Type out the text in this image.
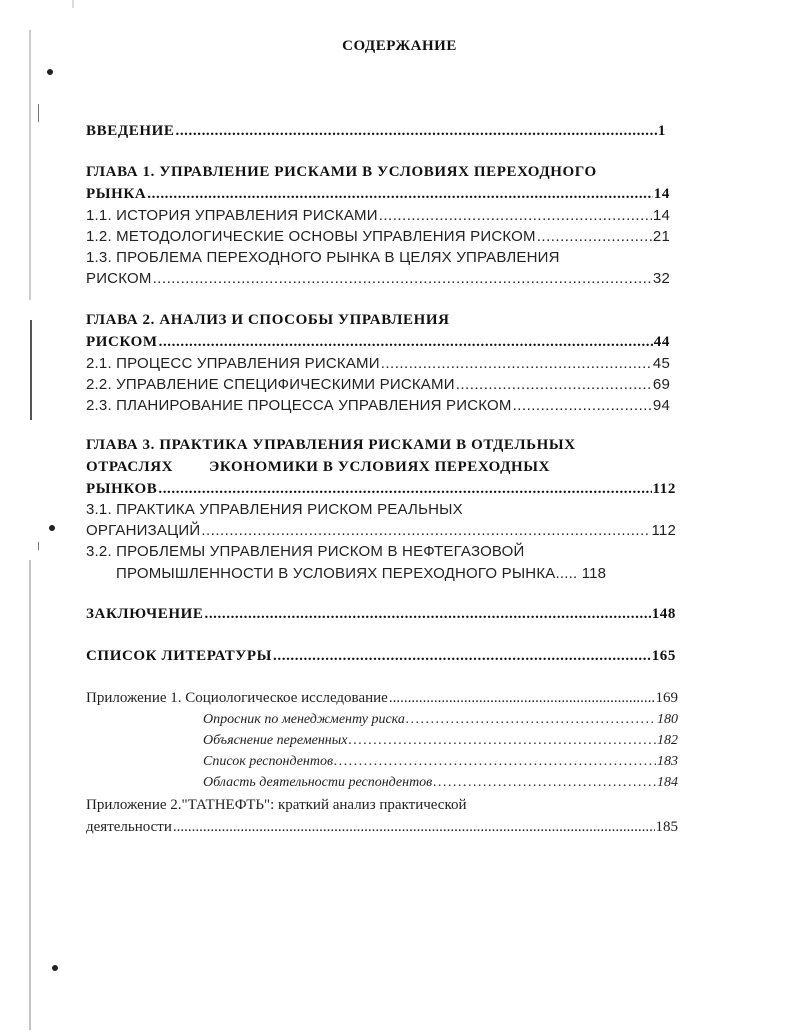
СОДЕРЖАНИЕ
ВВЕДЕНИЕ .....	1
ГЛАВА 1. УПРАВЛЕНИЕ РИСКАМИ В УСЛОВИЯХ ПЕРЕХОДНОГО
РЫНКА .....	14
1.1. ИСТОРИЯ УПРАВЛЕНИЯ РИСКАМИ .....	14
1.2. МЕТОДОЛОГИЧЕСКИЕ ОСНОВЫ УПРАВЛЕНИЯ РИСКОМ .....	21
1.3. ПРОБЛЕМА ПЕРЕХОДНОГО РЫНКА В ЦЕЛЯХ УПРАВЛЕНИЯ
РИСКОМ .....	32
ГЛАВА 2. АНАЛИЗ И СПОСОБЫ УПРАВЛЕНИЯ
РИСКОМ .....	44
2.1. ПРОЦЕСС УПРАВЛЕНИЯ РИСКАМИ .....	45
2.2. УПРАВЛЕНИЕ СПЕЦИФИЧЕСКИМИ РИСКАМИ .....	69
2.3. ПЛАНИРОВАНИЕ ПРОЦЕССА УПРАВЛЕНИЯ РИСКОМ .....	94
ГЛАВА 3. ПРАКТИКА УПРАВЛЕНИЯ РИСКАМИ В ОТДЕЛЬНЫХ
ОТРАСЛЯХ ЭКОНОМИКИ В УСЛОВИЯХ ПЕРЕХОДНЫХ
РЫНКОВ .....	112
3.1. ПРАКТИКА УПРАВЛЕНИЯ РИСКОМ РЕАЛЬНЫХ
ОРГАНИЗАЦИЙ .....	112
3.2. ПРОБЛЕМЫ УПРАВЛЕНИЯ РИСКОМ В НЕФТЕГАЗОВОЙ
ПРОМЫШЛЕННОСТИ В УСЛОВИЯХ ПЕРЕХОДНОГО РЫНКА..... 118
ЗАКЛЮЧЕНИЕ .....	148
СПИСОК ЛИТЕРАТУРЫ .....	165
Приложение 1. Социологическое исследование .....	169
Опросник по менеджменту риска .....	180
Объяснение переменных .....	182
Список респондентов .....	183
Область деятельности респондентов .....	184
Приложение 2."ТАТНЕФТЬ": краткий анализ практической
деятельности .....	185
